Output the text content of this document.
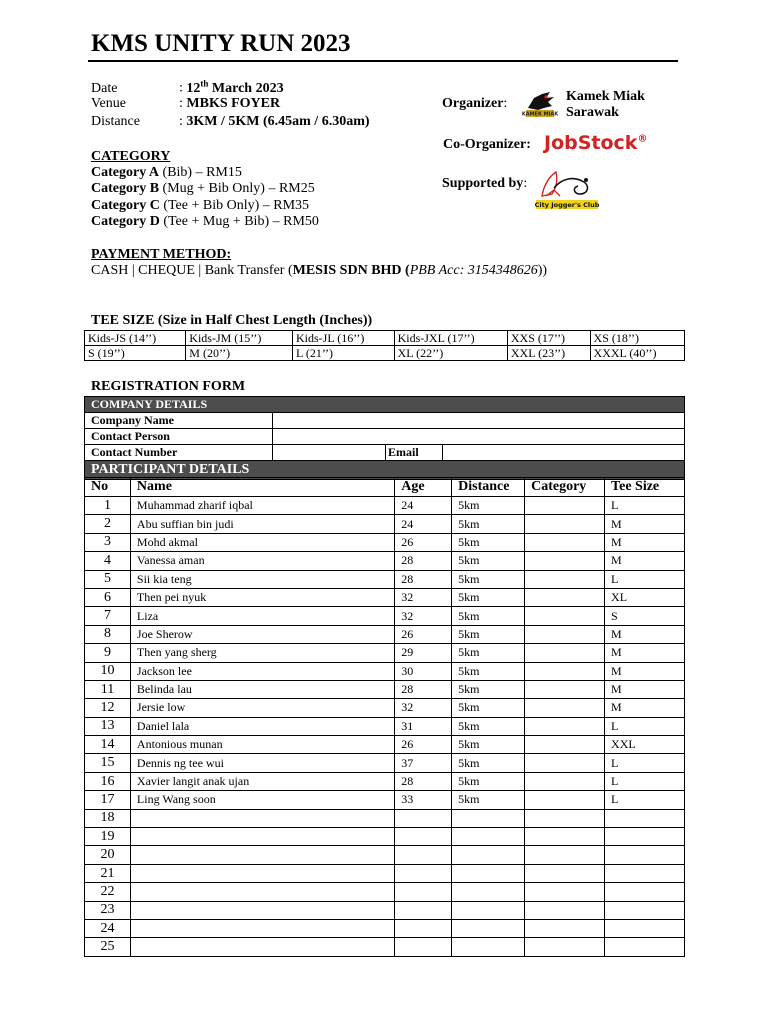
KMS UNITY RUN 2023
Date	: 12th March 2023
Venue	: MBKS FOYER
Distance	: 3KM / 5KM (6.45am / 6.30am)
Organizer:
KAMEK MIAK
Kamek Miak
Sarawak
Co-Organizer: JobStock®
Supported by:
City Jogger's Club
CATEGORY
Category A (Bib) – RM15
Category B (Mug + Bib Only) – RM25
Category C (Tee + Bib Only) – RM35
Category D (Tee + Mug + Bib) – RM50
PAYMENT METHOD:
CASH | CHEQUE | Bank Transfer (MESIS SDN BHD (PBB Acc: 3154348626))
TEE SIZE (Size in Half Chest Length (Inches))
Kids-JS (14’’)	Kids-JM (15’’)	Kids-JL (16’’)	Kids-JXL (17’’)	XXS (17’’)	XS (18’’)
S (19’’)	M (20’’)	L (21’’)	XL (22’’)	XXL (23’’)	XXXL (40’’)
REGISTRATION FORM
COMPANY DETAILS			
Company Name			
Contact Person			
Contact Number		Email	
PARTICIPANT DETAILS			
No	Name	Age	Distance	Category	Tee Size
1	Muhammad zharif iqbal	24	5km		L
2	Abu suffian bin judi	24	5km		M
3	Mohd akmal	26	5km		M
4	Vanessa aman	28	5km		M
5	Sii kia teng	28	5km		L
6	Then pei nyuk	32	5km		XL
7	Liza	32	5km		S
8	Joe Sherow	26	5km		M
9	Then yang sherg	29	5km		M
10	Jackson lee	30	5km		M
11	Belinda lau	28	5km		M
12	Jersie low	32	5km		M
13	Daniel lala	31	5km		L
14	Antonious munan	26	5km		XXL
15	Dennis ng tee wui	37	5km		L
16	Xavier langit anak ujan	28	5km		L
17	Ling Wang soon	33	5km		L
18					
19					
20					
21					
22					
23					
24					
25					
